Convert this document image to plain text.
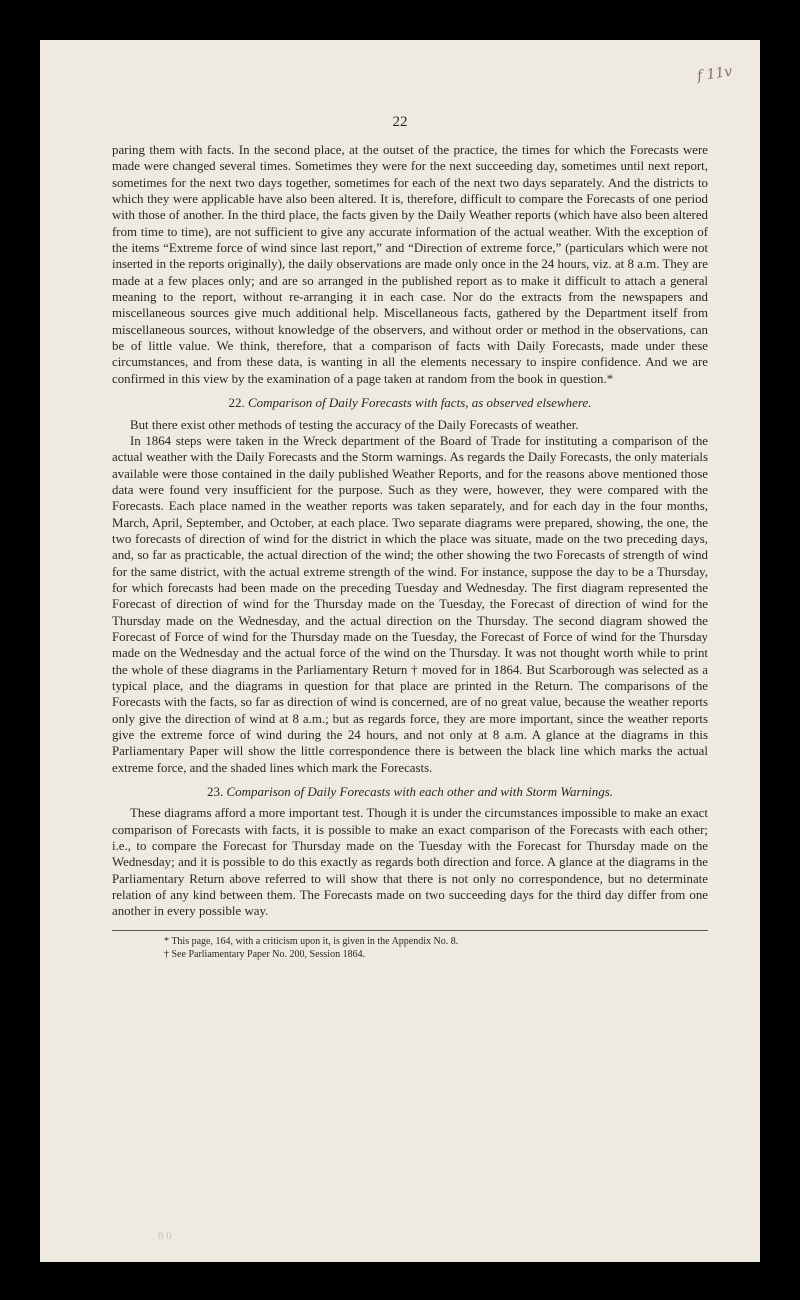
f 11v
22

paring them with facts. In the second place, at the outset of the practice, the times for which the Forecasts were made were changed several times. Sometimes they were for the next succeeding day, sometimes until next report, sometimes for the next two days together, sometimes for each of the next two days separately. And the districts to which they were applicable have also been altered. It is, therefore, difficult to compare the Forecasts of one period with those of another. In the third place, the facts given by the Daily Weather reports (which have also been altered from time to time), are not sufficient to give any accurate information of the actual weather. With the exception of the items “Extreme force of wind since last report,” and “Direction of extreme force,” (particulars which were not inserted in the reports originally), the daily observations are made only once in the 24 hours, viz. at 8 a.m. They are made at a few places only; and are so arranged in the published report as to make it difficult to attach a general meaning to the report, without re-arranging it in each case. Nor do the extracts from the newspapers and miscellaneous sources give much additional help. Miscellaneous facts, gathered by the Department itself from miscellaneous sources, without knowledge of the observers, and without order or method in the observations, can be of little value. We think, therefore, that a comparison of facts with Daily Forecasts, made under these circumstances, and from these data, is wanting in all the elements necessary to inspire confidence. And we are confirmed in this view by the examination of a page taken at random from the book in question.*

22. Comparison of Daily Forecasts with facts, as observed elsewhere.

But there exist other methods of testing the accuracy of the Daily Forecasts of weather.

In 1864 steps were taken in the Wreck department of the Board of Trade for instituting a comparison of the actual weather with the Daily Forecasts and the Storm warnings. As regards the Daily Forecasts, the only materials available were those contained in the daily published Weather Reports, and for the reasons above mentioned those data were found very insufficient for the purpose. Such as they were, however, they were compared with the Forecasts. Each place named in the weather reports was taken separately, and for each day in the four months, March, April, September, and October, at each place. Two separate diagrams were prepared, showing, the one, the two forecasts of direction of wind for the district in which the place was situate, made on the two preceding days, and, so far as practicable, the actual direction of the wind; the other showing the two Forecasts of strength of wind for the same district, with the actual extreme strength of the wind. For instance, suppose the day to be a Thursday, for which forecasts had been made on the preceding Tuesday and Wednesday. The first diagram represented the Forecast of direction of wind for the Thursday made on the Tuesday, the Forecast of direction of wind for the Thursday made on the Wednesday, and the actual direction on the Thursday. The second diagram showed the Forecast of Force of wind for the Thursday made on the Tuesday, the Forecast of Force of wind for the Thursday made on the Wednesday and the actual force of the wind on the Thursday. It was not thought worth while to print the whole of these diagrams in the Parliamentary Return † moved for in 1864. But Scarborough was selected as a typical place, and the diagrams in question for that place are printed in the Return. The comparisons of the Forecasts with the facts, so far as direction of wind is concerned, are of no great value, because the weather reports only give the direction of wind at 8 a.m.; but as regards force, they are more important, since the weather reports give the extreme force of wind during the 24 hours, and not only at 8 a.m. A glance at the diagrams in this Parliamentary Paper will show the little correspondence there is between the black line which marks the actual extreme force, and the shaded lines which mark the Forecasts.

23. Comparison of Daily Forecasts with each other and with Storm Warnings.

These diagrams afford a more important test. Though it is under the circumstances impossible to make an exact comparison of Forecasts with facts, it is possible to make an exact comparison of the Forecasts with each other; i.e., to compare the Forecast for Thursday made on the Tuesday with the Forecast for Thursday made on the Wednesday; and it is possible to do this exactly as regards both direction and force. A glance at the diagrams in the Parliamentary Return above referred to will show that there is not only no correspondence, but no determinate relation of any kind between them. The Forecasts made on two succeeding days for the third day differ from one another in every possible way.

* This page, 164, with a criticism upon it, is given in the Appendix No. 8.
† See Parliamentary Paper No. 200, Session 1864.
8 0
